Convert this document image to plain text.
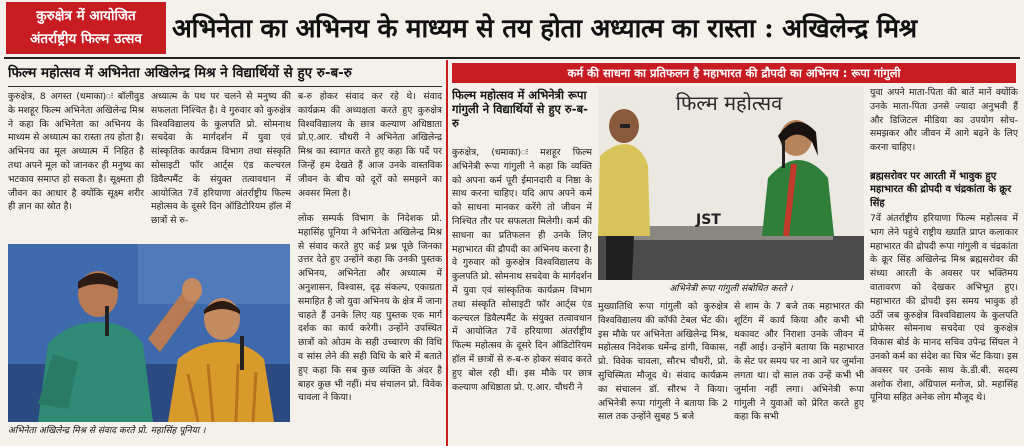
कुरुक्षेत्र में आयोजित
अंतर्राष्ट्रीय फिल्म उत्सव	अभिनेता का अभिनय के माध्यम से तय होता अध्यात्म का रास्ता : अखिलेन्द्र मिश्र
फिल्म महोत्सव में अभिनेता अखिलेन्द्र मिश्र ने विद्यार्थियों से हुए रु-ब-रु

कुरुक्षेत्र, 8 अगस्त (धमाका)ः बॉलीवुड के मशहूर फिल्म अभिनेता अखिलेन्द्र मिश्र ने कहा कि अभिनेता का अभिनय के माध्यम से अध्यात्म का रास्ता तय होता है। अभिनय का मूल अध्यात्म में निहित है तथा अपने मूल को जानकर ही मनुष्य का भटकाव समाप्त हो सकता है। सूक्ष्मता ही जीवन का आधार है क्योंकि सूक्ष्म शरीर ही ज्ञान का स्रोत है।

अध्यात्म के पथ पर चलने से मनुष्य की सफलता निश्चित है। वे गुरुवार को कुरुक्षेत्र विश्वविद्यालय के कुलपति प्रो. सोमनाथ सचदेवा के मार्गदर्शन में युवा एवं सांस्कृतिक कार्यक्रम विभाग तथा संस्कृति सोसाइटी फॉर आर्ट्स एंड कल्चरल डिवैल्पमैंट के संयुक्त तत्वावधान में आयोजित 7वें हरियाणा अंतर्राष्ट्रीय फिल्म महोत्सव के दूसरे दिन ऑडिटोरियम हॉल में छात्रों से रु-

ब-रु होकर संवाद कर रहे थे। संवाद कार्यक्रम की अध्यक्षता करते हुए कुरुक्षेत्र विश्वविद्यालय के छात्र कल्याण अधिष्ठाता प्रो.ए.आर. चौधरी ने अभिनेता अखिलेन्द्र मिश्र का स्वागत करते हुए कहा कि पर्दे पर जिन्हें हम देखते हैं आज उनके वास्तविक जीवन के बीच को दूरों को समझने का अवसर मिला है।

अभिनेता अखिलेन्द्र मिश्र से संवाद करते प्रो. महासिंह पूनिया ।

लोक सम्पर्क विभाग के निदेशक प्रो. महासिंह पूनिया ने अभिनेता अखिलेन्द्र मिश्र से संवाद करते हुए कई प्रश्न पूछे जिनका उत्तर देते हुए उन्होंने कहा कि उनकी पुस्तक अभिनय, अभिनेता और अध्यात्म में अनुशासन, विश्वास, दृढ़ संकल्प, एकाग्रता समाहित है जो युवा अभिनय के क्षेत्र में जाना चाहते हैं उनके लिए यह पुस्तक एक मार्ग दर्शक का कार्य करेगी। उन्होंने उपस्थित छात्रों को ओउम के सही उच्चारण की विधि व सांस लेने की सही विधि के बारे में बताते हुए कहा कि सब कुछ व्यक्ति के अंदर है बाहर कुछ भी नहीं। मंच संचालन प्रो. विवेक चावला ने किया।

कर्म की साधना का प्रतिफलन है महाभारत की द्रौपदी का अभिनय : रूपा गांगुली
फिल्म महोत्सव में अभिनेत्री रूपा गांगुली ने विद्यार्थियों से हुए रु-ब-रु

कुरुक्षेत्र, (धमाका)ः मशहूर फिल्म अभिनेत्री रूपा गांगुली ने कहा कि व्यक्ति को अपना कर्म पूरी ईमानदारी व निष्ठा के साथ करना चाहिए। यदि आप अपने कर्म को साधना मानकर करेंगे तो जीवन में निश्चित तौर पर सफलता मिलेगी। कर्म की साधना का प्रतिफलन ही उनके लिए महाभारत की द्रौपदी का अभिनय करना है। वे गुरुवार को कुरुक्षेत्र विश्वविद्यालय के कुलपति प्रो. सोमनाथ सचदेवा के मार्गदर्शन में युवा एवं सांस्कृतिक कार्यक्रम विभाग तथा संस्कृति सोसाइटी फॉर आर्ट्स एंड कल्चरल डिवैल्पमैंट के संयुक्त तत्वावधान में आयोजित 7वें हरियाणा अंतर्राष्ट्रीय फिल्म महोत्सव के दूसरे दिन ऑडिटोरियम हॉल में छात्रों से रु-ब-रु होकर संवाद करते हुए बोल रही थीं। इस मौके पर छात्र कल्याण अधिष्ठाता प्रो. ए.आर. चौधरी ने

फिल्म महोत्सव
JST
अभिनेत्री रूपा गांगुली संबोधित करते ।

मुख्यातिथि रूपा गांगुली को कुरुक्षेत्र विश्वविद्यालय की कॉफी टेबल भेंट की। इस मौके पर अभिनेता अखिलेन्द्र मिश्र, महोत्सव निदेशक धर्मेन्द्र डांगी, विकास, प्रो. विवेक चावला, सौरभ चौधरी, प्रो. सुचिस्मिता मौजूद थे। संवाद कार्यक्रम का संचालन डॉ. सौरभ ने किया। अभिनेत्री रूपा गांगुली ने बताया कि 2 साल तक उन्होंने सुबह 5 बजे

से शाम के 7 बजे तक महाभारत की शूटिंग में कार्य किया और कभी भी थकावट और निराशा उनके जीवन में नहीं आई। उन्होंने बताया कि महाभारत के सेट पर समय पर ना आने पर जुर्माना लगता था। दो साल तक उन्हें कभी भी जुर्माना नहीं लगा। अभिनेत्री रूपा गांगुली ने युवाओं को प्रेरित करते हुए कहा कि सभी

युवा अपने माता-पिता की बातें मानें क्योंकि उनके माता-पिता उनसे ज्यादा अनुभवी हैं और डिजिटल मीडिया का उपयोग सोच-समझकर और जीवन में आगे बढ़ने के लिए करना चाहिए।

ब्रह्मसरोवर पर आरती में भावुक हुए महाभारत की द्रोपदी व चंद्रकांता के क्रूर सिंह

7वें अंतर्राष्ट्रीय हरियाणा फिल्म महोत्सव में भाग लेने पहुंचे राष्ट्रीय ख्याति प्राप्त कलाकार महाभारत की द्रोपदी रूपा गांगुली व चंद्रकांता के क्रूर सिंह अखिलेन्द्र मिश्र ब्रह्मसरोवर की संध्या आरती के अवसर पर भक्तिमय वातावरण को देखकर अभिभूत हुए। महाभारत की द्रोपदी इस समय भावुक हो उठीं जब कुरुक्षेत्र विश्वविद्यालय के कुलपति प्रोफेसर सोमनाथ सचदेवा एवं कुरुक्षेत्र विकास बोर्ड के मानद सचिव उपेन्द्र सिंघल ने उनको कर्म का संदेश का चित्र भेंट किया। इस अवसर पर उनके साथ के.डी.बी. सदस्य अशोक रोशा, अंग्रिपाल मनोज, प्रो. महासिंह पूनिया सहित अनेक लोग मौजूद थे।
